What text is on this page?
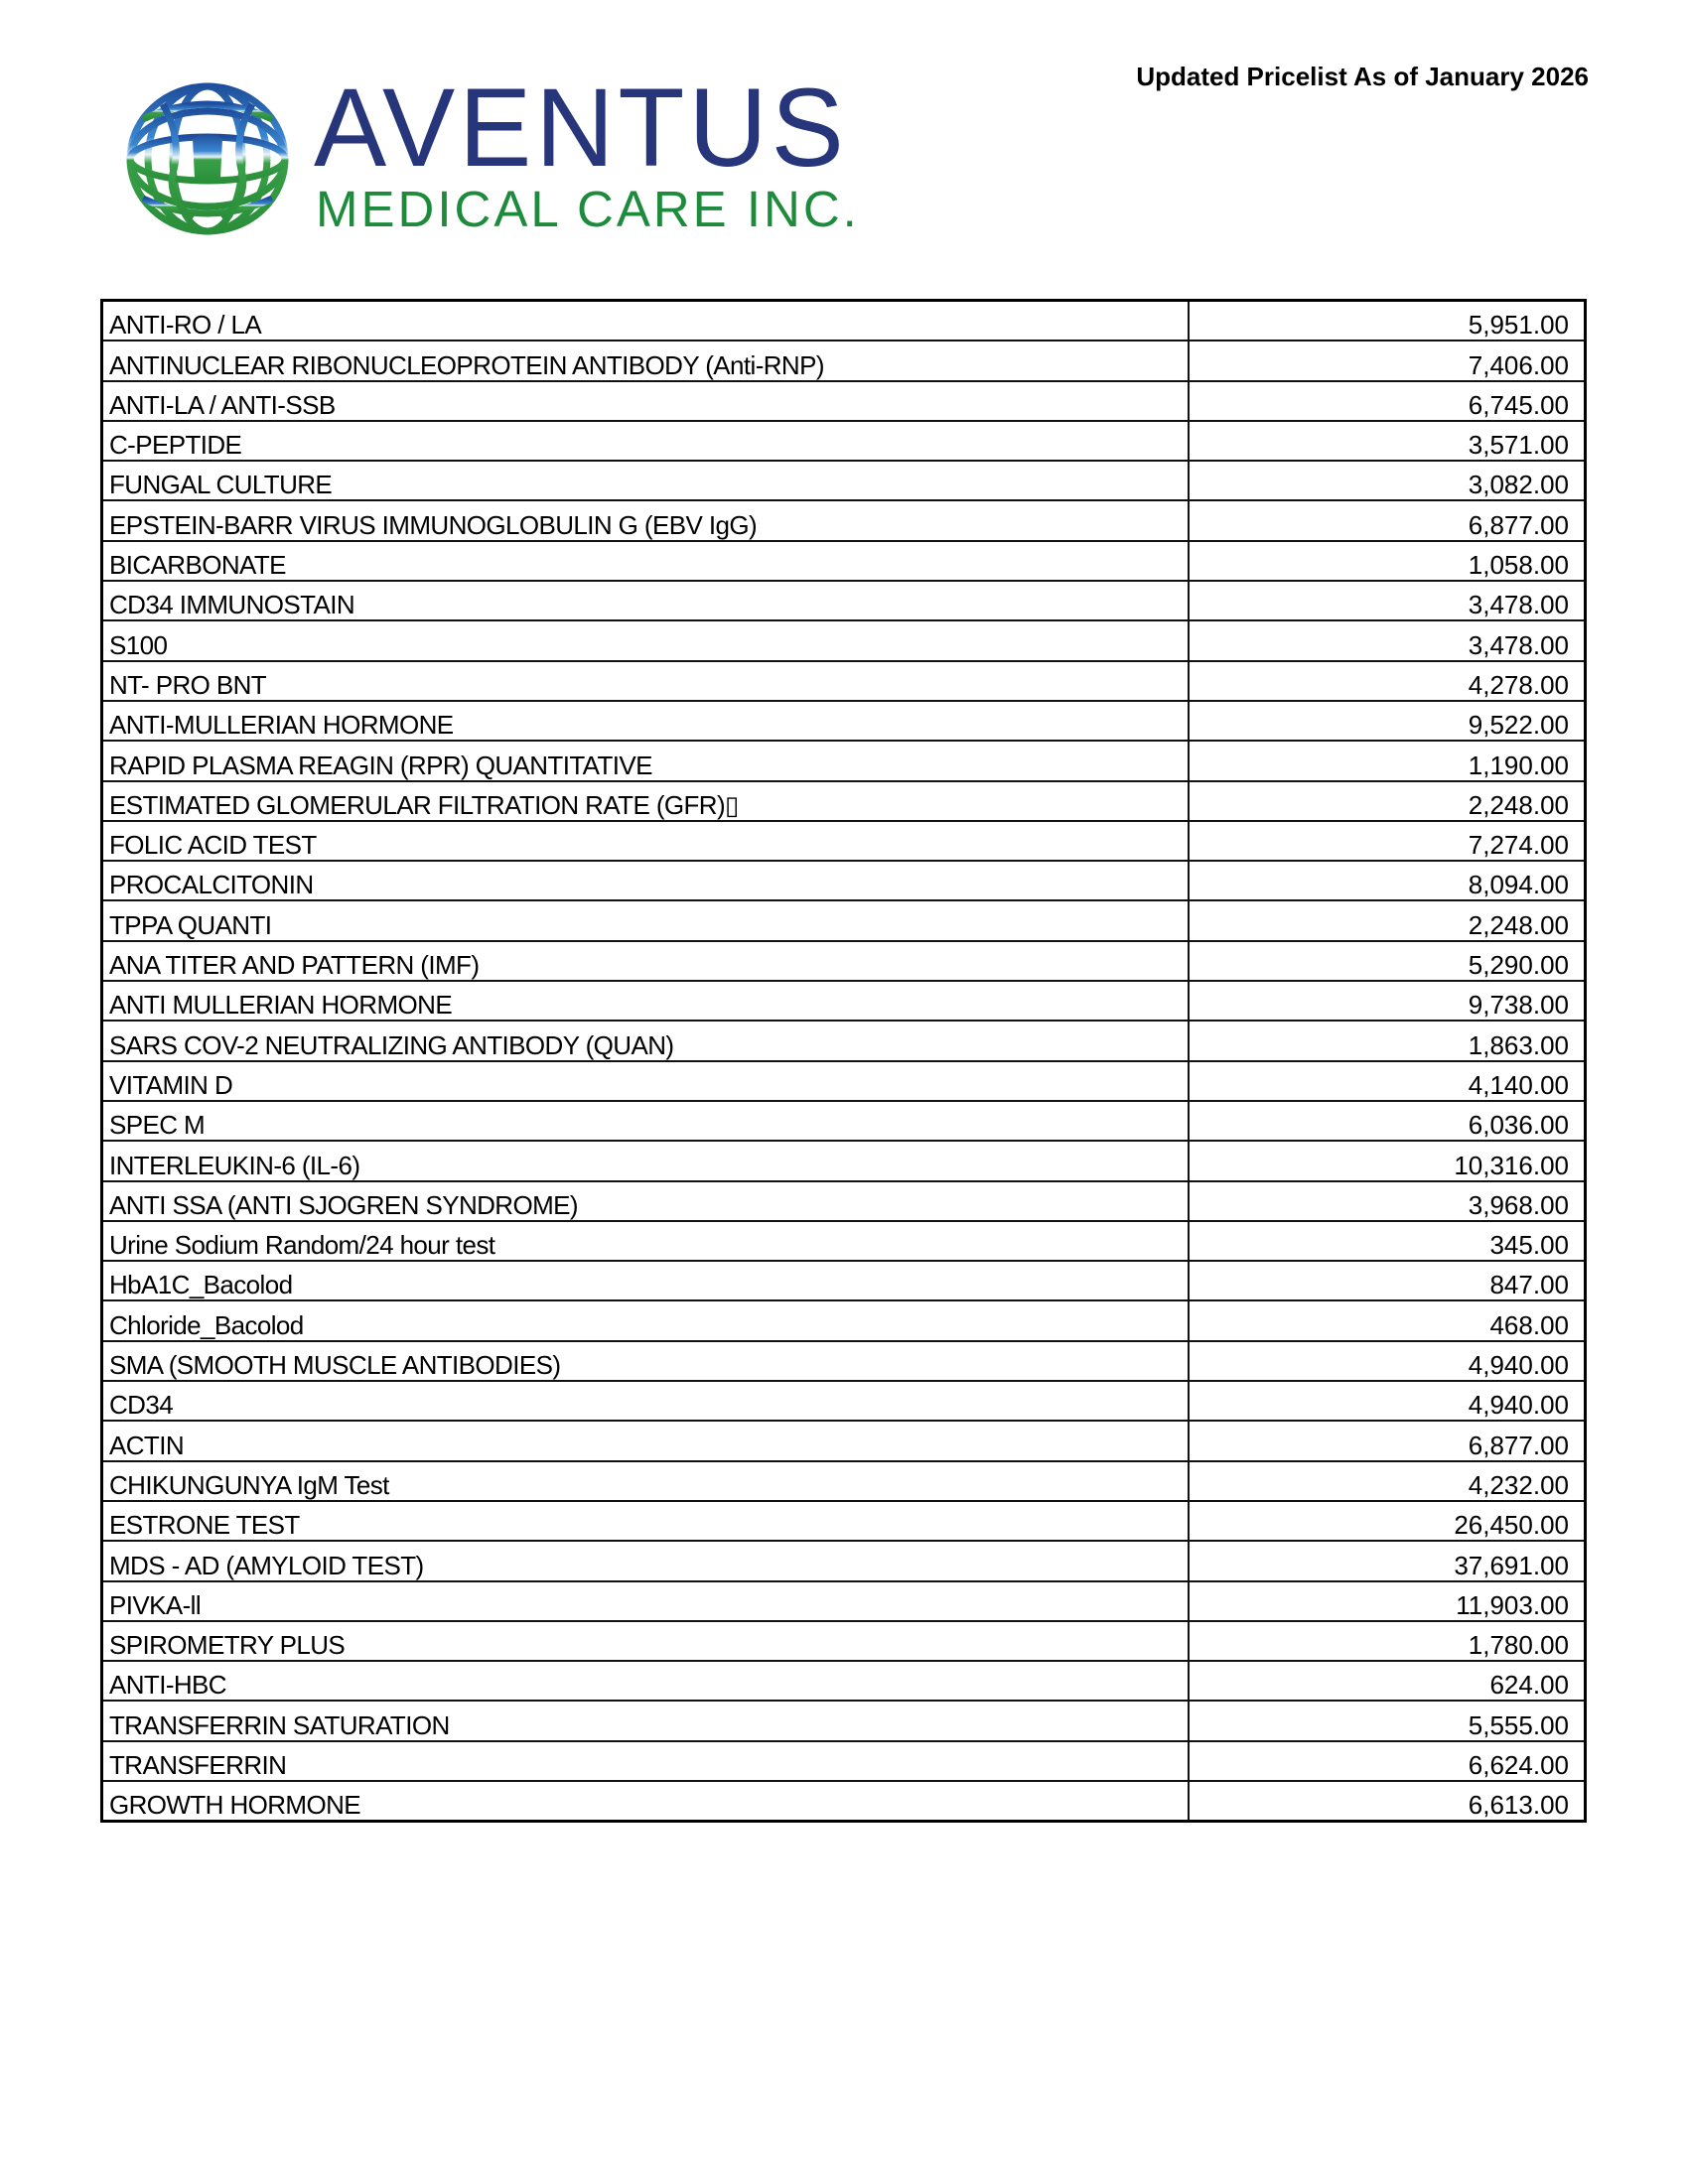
AVENTUS
MEDICAL CARE INC.
Updated Pricelist As of January 2026
ANTI-RO / LA	5,951.00
ANTINUCLEAR RIBONUCLEOPROTEIN ANTIBODY (Anti-RNP)	7,406.00
ANTI-LA / ANTI-SSB	6,745.00
C-PEPTIDE	3,571.00
FUNGAL CULTURE	3,082.00
EPSTEIN-BARR VIRUS IMMUNOGLOBULIN G (EBV IgG)	6,877.00
BICARBONATE	1,058.00
CD34 IMMUNOSTAIN	3,478.00
S100	3,478.00
NT- PRO BNT	4,278.00
ANTI-MULLERIAN HORMONE	9,522.00
RAPID PLASMA REAGIN (RPR) QUANTITATIVE	1,190.00
ESTIMATED GLOMERULAR FILTRATION RATE (GFR)▯	2,248.00
FOLIC ACID TEST	7,274.00
PROCALCITONIN	8,094.00
TPPA QUANTI	2,248.00
ANA TITER AND PATTERN (IMF)	5,290.00
ANTI MULLERIAN HORMONE	9,738.00
SARS COV-2 NEUTRALIZING ANTIBODY (QUAN)	1,863.00
VITAMIN D	4,140.00
SPEC M	6,036.00
INTERLEUKIN-6 (IL-6)	10,316.00
ANTI SSA (ANTI SJOGREN SYNDROME)	3,968.00
Urine Sodium Random/24 hour test	345.00
HbA1C_Bacolod	847.00
Chloride_Bacolod	468.00
SMA (SMOOTH MUSCLE ANTIBODIES)	4,940.00
CD34	4,940.00
ACTIN	6,877.00
CHIKUNGUNYA IgM Test	4,232.00
ESTRONE TEST	26,450.00
MDS - AD (AMYLOID TEST)	37,691.00
PIVKA-ll	11,903.00
SPIROMETRY PLUS	1,780.00
ANTI-HBC	624.00
TRANSFERRIN SATURATION	5,555.00
TRANSFERRIN	6,624.00
GROWTH HORMONE	6,613.00
